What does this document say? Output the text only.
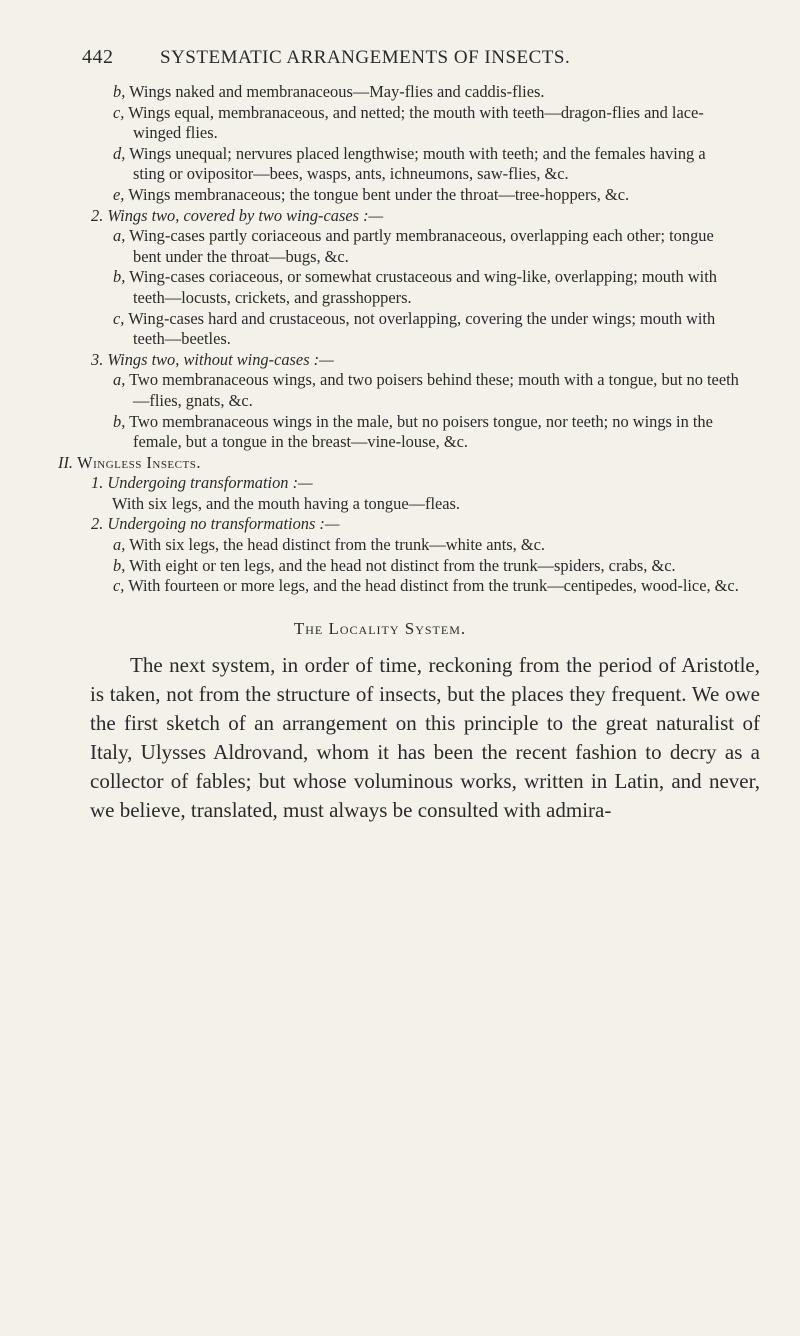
442 SYSTEMATIC ARRANGEMENTS OF INSECTS.
b, Wings naked and membranaceous—May-flies and caddis-flies.
c, Wings equal, membranaceous, and netted; the mouth with teeth—dragon-flies and lace-winged flies.
d, Wings unequal; nervures placed lengthwise; mouth with teeth; and the females having a sting or ovipositor—bees, wasps, ants, ichneumons, saw-flies, &c.
e, Wings membranaceous; the tongue bent under the throat—tree-hoppers, &c.
2. Wings two, covered by two wing-cases :—
a, Wing-cases partly coriaceous and partly membranaceous, overlapping each other; tongue bent under the throat—bugs, &c.
b, Wing-cases coriaceous, or somewhat crustaceous and wing-like, overlapping; mouth with teeth—locusts, crickets, and grasshoppers.
c, Wing-cases hard and crustaceous, not overlapping, covering the under wings; mouth with teeth—beetles.
3. Wings two, without wing-cases :—
a, Two membranaceous wings, and two poisers behind these; mouth with a tongue, but no teeth—flies, gnats, &c.
b, Two membranaceous wings in the male, but no poisers tongue, nor teeth; no wings in the female, but a tongue in the breast—vine-louse, &c.
II. Wingless Insects.
1. Undergoing transformation :—
With six legs, and the mouth having a tongue—fleas.
2. Undergoing no transformations :—
a, With six legs, the head distinct from the trunk—white ants, &c.
b, With eight or ten legs, and the head not distinct from the trunk—spiders, crabs, &c.
c, With fourteen or more legs, and the head distinct from the trunk—centipedes, wood-lice, &c.
The Locality System.
The next system, in order of time, reckoning from the period of Aristotle, is taken, not from the structure of insects, but the places they frequent. We owe the first sketch of an arrangement on this principle to the great naturalist of Italy, Ulysses Aldrovand, whom it has been the recent fashion to decry as a collector of fables; but whose voluminous works, written in Latin, and never, we believe, translated, must always be consulted with admira-
